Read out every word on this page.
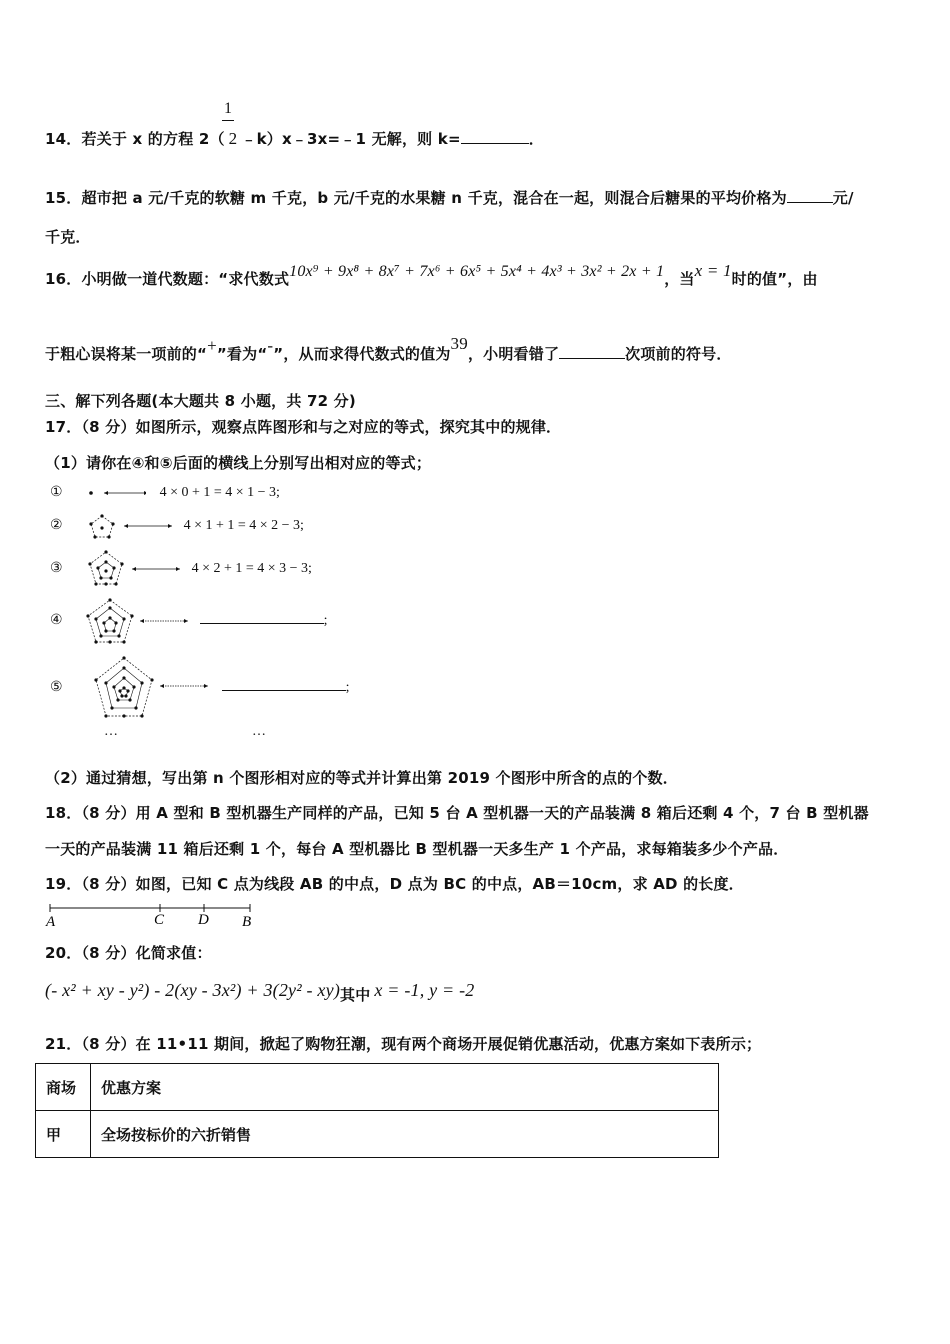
1
14．若关于 x 的方程 2（ 2 ﹣k）x﹣3x=﹣1 无解，则 k=	．
15．超市把 a 元/千克的软糖 m 千克，b 元/千克的水果糖 n 千克，混合在一起，则混合后糖果的平均价格为	元/
千克．
16．小明做一道代数题：“求代数式10x⁹ + 9x⁸ + 8x⁷ + 7x⁶ + 6x⁵ + 5x⁴ + 4x³ + 3x² + 2x + 1，当x = 1时的值”，由
于粗心误将某一项前的“+”看为“-”，从而求得代数式的值为39，小明看错了	次项前的符号．
三、解下列各题(本大题共 8 小题，共 72 分)
17．（8 分）如图所示，观察点阵图形和与之对应的等式，探究其中的规律．
（1）请你在④和⑤后面的横线上分别写出相对应的等式；
①	4 × 0 + 1 = 4 × 1 − 3;
②	4 × 1 + 1 = 4 × 2 − 3;
③	4 × 2 + 1 = 4 × 3 − 3;
④	;
⑤	;
…	…
（2）通过猜想，写出第 n 个图形相对应的等式并计算出第 2019 个图形中所含的点的个数．
18．（8 分）用 A 型和 B 型机器生产同样的产品，已知 5 台 A 型机器一天的产品装满 8 箱后还剩 4 个，7 台 B 型机器
一天的产品装满 11 箱后还剩 1 个，每台 A 型机器比 B 型机器一天多生产 1 个产品，求每箱装多少个产品．
19．（8 分）如图，已知 C 点为线段 AB 的中点，D 点为 BC 的中点，AB＝10cm，求 AD 的长度．
A	C D B
20．（8 分）化简求值：
(- x² + xy - y²) - 2(xy - 3x²) + 3(2y² - xy)其中 x = -1, y = -2
21．（8 分）在 11•11 期间，掀起了购物狂潮，现有两个商场开展促销优惠活动，优惠方案如下表所示；
商场	优惠方案
甲	全场按标价的六折销售
